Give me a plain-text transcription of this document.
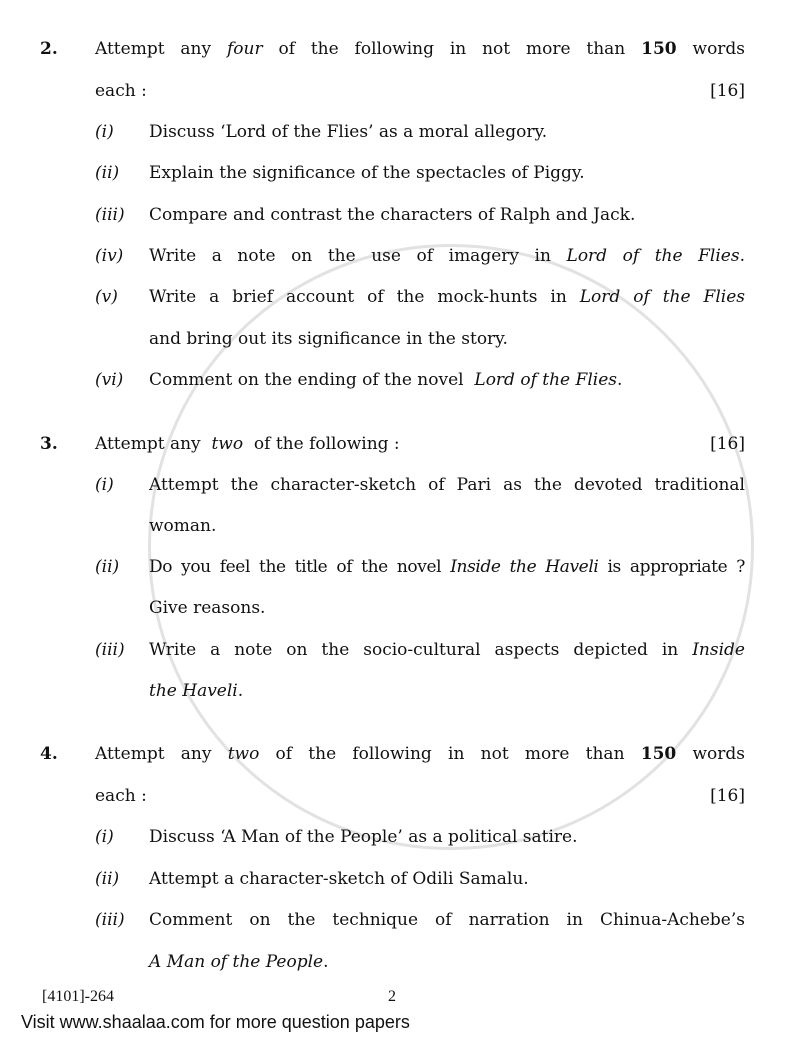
2. Attempt any four of the following in not more than 150 words
each :	[16]
(i) Discuss ‘Lord of the Flies’ as a moral allegory.
(ii) Explain the significance of the spectacles of Piggy.
(iii) Compare and contrast the characters of Ralph and Jack.
(iv) Write a note on the use of imagery in Lord of the Flies.
(v) Write a brief account of the mock-hunts in Lord of the Flies
and bring out its significance in the story.
(vi) Comment on the ending of the novel Lord of the Flies.
3. Attempt any two of the following :	[16]
(i) Attempt the character-sketch of Pari as the devoted traditional
woman.
(ii) Do you feel the title of the novel Inside the Haveli is appropriate ?
Give reasons.
(iii) Write a note on the socio-cultural aspects depicted in Inside
the Haveli.
4. Attempt any two of the following in not more than 150 words
each :	[16]
(i) Discuss ‘A Man of the People’ as a political satire.
(ii) Attempt a character-sketch of Odili Samalu.
(iii) Comment on the technique of narration in Chinua-Achebe’s
A Man of the People.
[4101]-264	2
Visit www.shaalaa.com for more question papers
